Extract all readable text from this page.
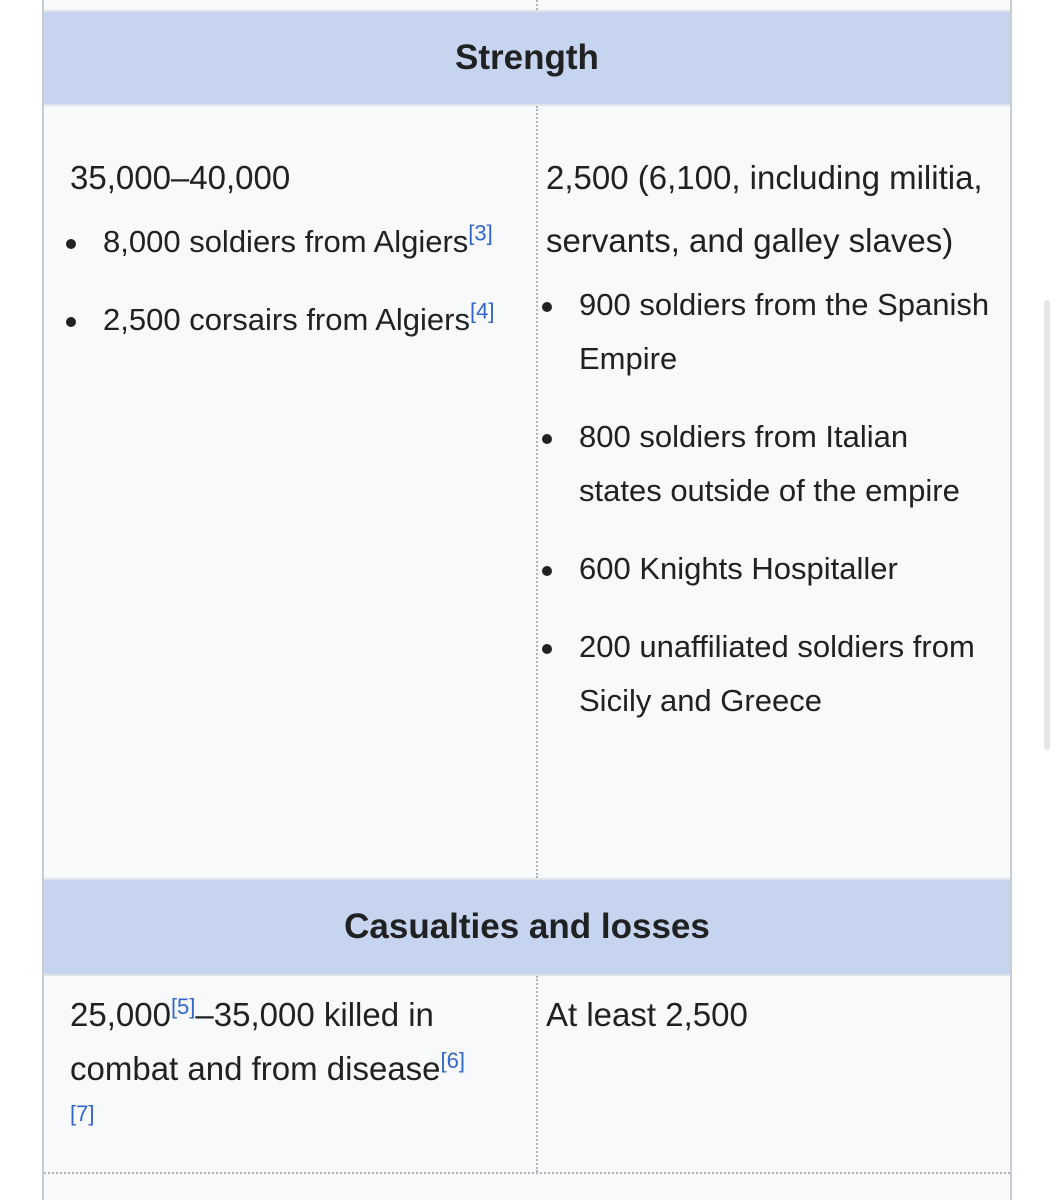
Strength
35,000–40,000
8,000 soldiers from Algiers[3]
2,500 corsairs from Algiers[4]
2,500 (6,100, including militia, servants, and galley slaves)
900 soldiers from the Spanish Empire
800 soldiers from Italian states outside of the empire
600 Knights Hospitaller
200 unaffiliated soldiers from Sicily and Greece
Casualties and losses
25,000[5]–35,000 killed in combat and from disease[6]
[7]
At least 2,500
